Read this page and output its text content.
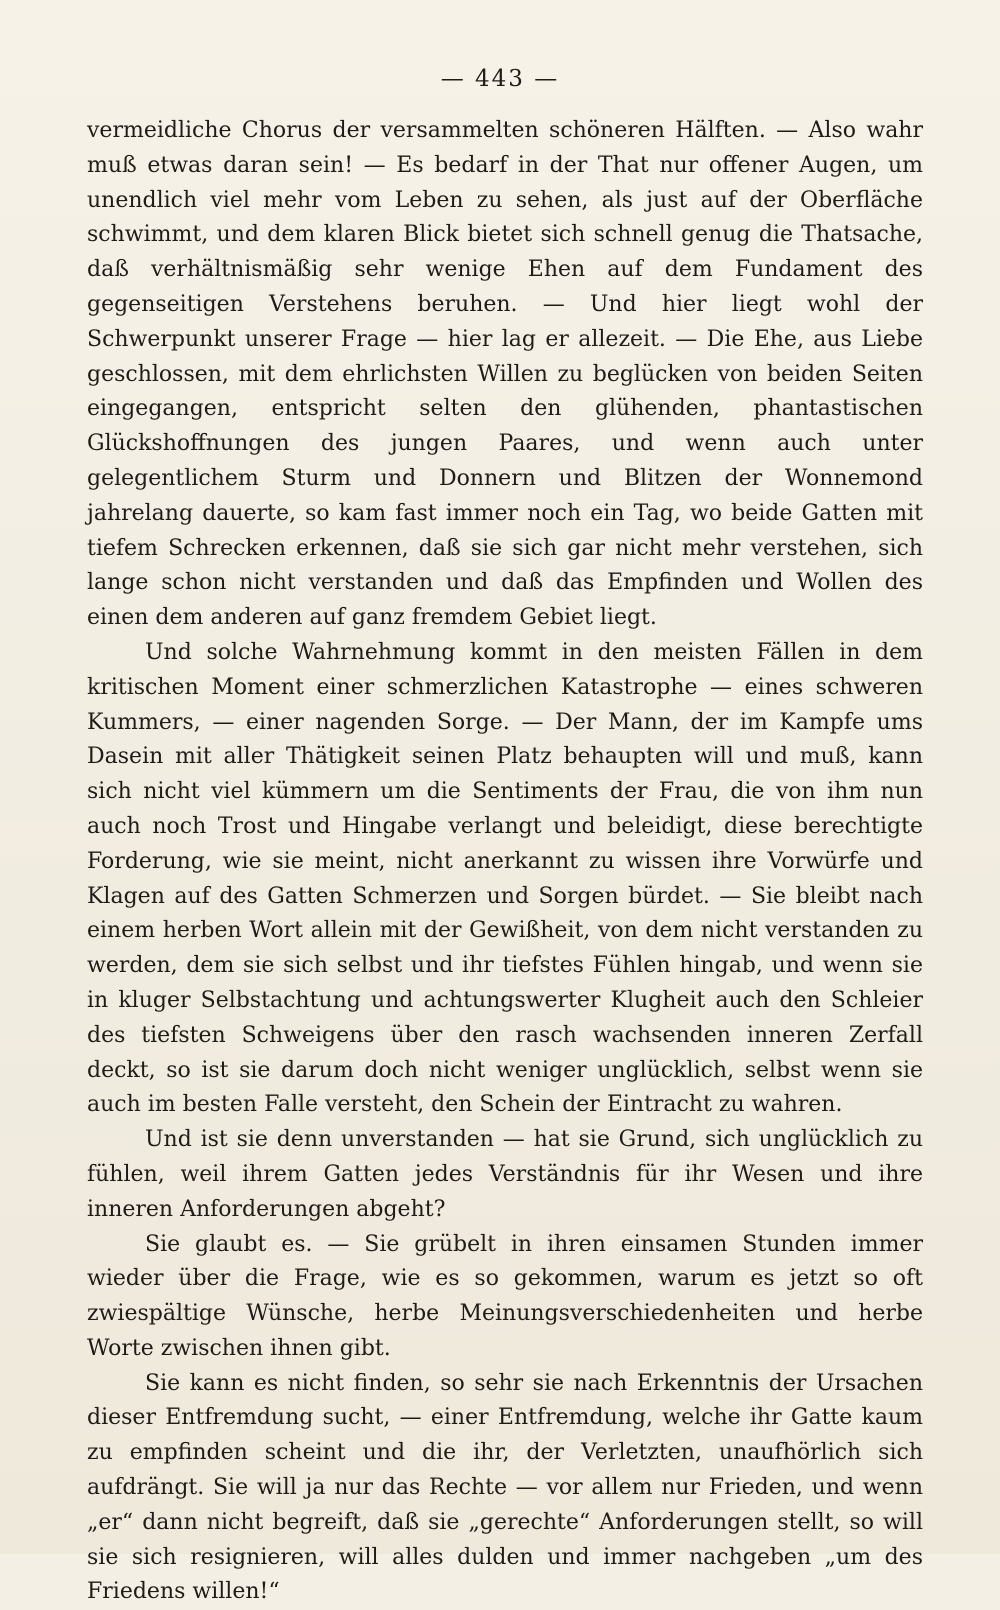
— 443 —

vermeidliche Chorus der versammelten schöneren Hälften. — Also wahr muß etwas daran sein! — Es bedarf in der That nur offener Augen, um unendlich viel mehr vom Leben zu sehen, als just auf der Oberfläche schwimmt, und dem klaren Blick bietet sich schnell genug die Thatsache, daß verhältnismäßig sehr wenige Ehen auf dem Fundament des gegenseitigen Verstehens beruhen. — Und hier liegt wohl der Schwerpunkt unserer Frage — hier lag er allezeit. — Die Ehe, aus Liebe geschlossen, mit dem ehrlichsten Willen zu beglücken von beiden Seiten eingegangen, entspricht selten den glühenden, phantastischen Glückshoffnungen des jungen Paares, und wenn auch unter gelegentlichem Sturm und Donnern und Blitzen der Wonnemond jahrelang dauerte, so kam fast immer noch ein Tag, wo beide Gatten mit tiefem Schrecken erkennen, daß sie sich gar nicht mehr verstehen, sich lange schon nicht verstanden und daß das Empfinden und Wollen des einen dem anderen auf ganz fremdem Gebiet liegt.

Und solche Wahrnehmung kommt in den meisten Fällen in dem kritischen Moment einer schmerzlichen Katastrophe — eines schweren Kummers, — einer nagenden Sorge. — Der Mann, der im Kampfe ums Dasein mit aller Thätigkeit seinen Platz behaupten will und muß, kann sich nicht viel kümmern um die Sentiments der Frau, die von ihm nun auch noch Trost und Hingabe verlangt und beleidigt, diese berechtigte Forderung, wie sie meint, nicht anerkannt zu wissen ihre Vorwürfe und Klagen auf des Gatten Schmerzen und Sorgen bürdet. — Sie bleibt nach einem herben Wort allein mit der Gewißheit, von dem nicht verstanden zu werden, dem sie sich selbst und ihr tiefstes Fühlen hingab, und wenn sie in kluger Selbstachtung und achtungswerter Klugheit auch den Schleier des tiefsten Schweigens über den rasch wachsenden inneren Zerfall deckt, so ist sie darum doch nicht weniger unglücklich, selbst wenn sie auch im besten Falle versteht, den Schein der Eintracht zu wahren.

Und ist sie denn unverstanden — hat sie Grund, sich unglücklich zu fühlen, weil ihrem Gatten jedes Verständnis für ihr Wesen und ihre inneren Anforderungen abgeht?

Sie glaubt es. — Sie grübelt in ihren einsamen Stunden immer wieder über die Frage, wie es so gekommen, warum es jetzt so oft zwiespältige Wünsche, herbe Meinungsverschiedenheiten und herbe Worte zwischen ihnen gibt.

Sie kann es nicht finden, so sehr sie nach Erkenntnis der Ursachen dieser Entfremdung sucht, — einer Entfremdung, welche ihr Gatte kaum zu empfinden scheint und die ihr, der Verletzten, unaufhörlich sich aufdrängt. Sie will ja nur das Rechte — vor allem nur Frieden, und wenn „er“ dann nicht begreift, daß sie „gerechte“ Anforderungen stellt, so will sie sich resignieren, will alles dulden und immer nachgeben „um des Friedens willen!“
